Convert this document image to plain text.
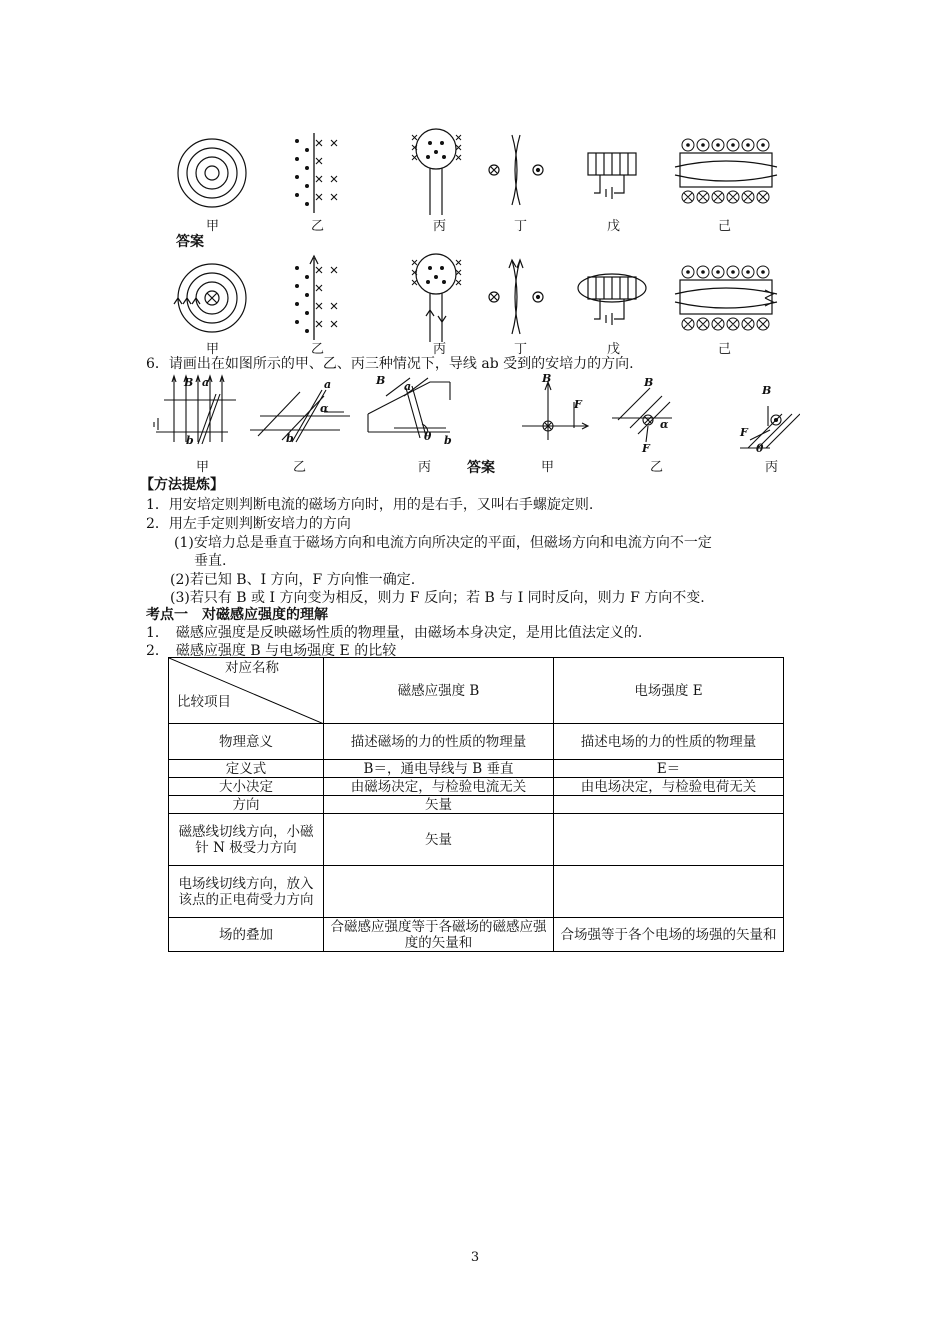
甲	乙	丙	丁	戊	己
答案
甲	乙	丙	丁	戊	己
6．请画出在如图所示的甲、乙、丙三种情况下，导线 ab 受到的安培力的方向.
B a
b
a
α
b
B a
θ b
B
F
B
α
F
B
F
θ
甲	乙	丙	答案	甲	乙	丙
【方法提炼】
1．用安培定则判断电流的磁场方向时，用的是右手，又叫右手螺旋定则.
2．用左手定则判断安培力的方向
(1)安培力总是垂直于磁场方向和电流方向所决定的平面，但磁场方向和电流方向不一定
垂直.
(2)若已知 B、I 方向，F 方向惟一确定.
(3)若只有 B 或 I 方向变为相反，则力 F 反向；若 B 与 I 同时反向，则力 F 方向不变.
考点一　对磁感应强度的理解
1．　磁感应强度是反映磁场性质的物理量，由磁场本身决定，是用比值法定义的.
2．　磁感应强度 B 与电场强度 E 的比较
对应名称
比较项目	磁感应强度 B	电场强度 E
物理意义	描述磁场的力的性质的物理量	描述电场的力的性质的物理量
定义式	B＝，通电导线与 B 垂直	E＝
大小决定	由磁场决定，与检验电流无关	由电场决定，与检验电荷无关
方向	矢量	
磁感线切线方向，小磁针 N 极受力方向	矢量	
电场线切线方向，放入该点的正电荷受力方向		
场的叠加	合磁感应强度等于各磁场的磁感应强度的矢量和	合场强等于各个电场的场强的矢量和
3
